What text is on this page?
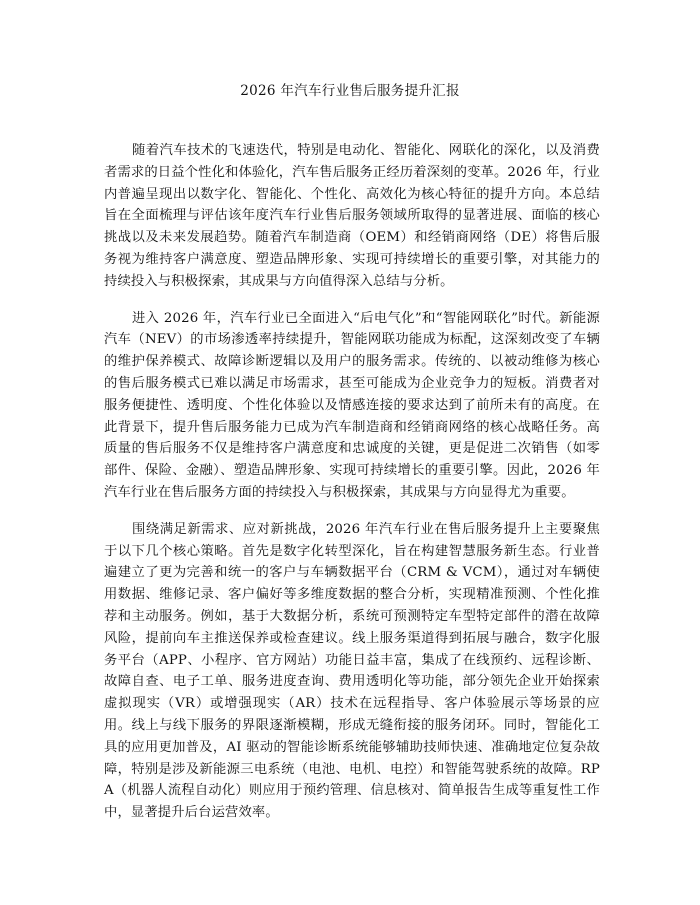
2026 年汽车行业售后服务提升汇报

随着汽车技术的飞速迭代，特别是电动化、智能化、网联化的深化，以及消费者需求的日益个性化和体验化，汽车售后服务正经历着深刻的变革。2026 年，行业内普遍呈现出以数字化、智能化、个性化、高效化为核心特征的提升方向。本总结旨在全面梳理与评估该年度汽车行业售后服务领域所取得的显著进展、面临的核心挑战以及未来发展趋势。随着汽车制造商（OEM）和经销商网络（DE）将售后服务视为维持客户满意度、塑造品牌形象、实现可持续增长的重要引擎，对其能力的持续投入与积极探索，其成果与方向值得深入总结与分析。

进入 2026 年，汽车行业已全面进入“后电气化”和“智能网联化”时代。新能源汽车（NEV）的市场渗透率持续提升，智能网联功能成为标配，这深刻改变了车辆的维护保养模式、故障诊断逻辑以及用户的服务需求。传统的、以被动维修为核心的售后服务模式已难以满足市场需求，甚至可能成为企业竞争力的短板。消费者对服务便捷性、透明度、个性化体验以及情感连接的要求达到了前所未有的高度。在此背景下，提升售后服务能力已成为汽车制造商和经销商网络的核心战略任务。高质量的售后服务不仅是维持客户满意度和忠诚度的关键，更是促进二次销售（如零部件、保险、金融）、塑造品牌形象、实现可持续增长的重要引擎。因此，2026 年汽车行业在售后服务方面的持续投入与积极探索，其成果与方向显得尤为重要。

围绕满足新需求、应对新挑战，2026 年汽车行业在售后服务提升上主要聚焦于以下几个核心策略。首先是数字化转型深化，旨在构建智慧服务新生态。行业普遍建立了更为完善和统一的客户与车辆数据平台（CRM & VCM），通过对车辆使用数据、维修记录、客户偏好等多维度数据的整合分析，实现精准预测、个性化推荐和主动服务。例如，基于大数据分析，系统可预测特定车型特定部件的潜在故障风险，提前向车主推送保养或检查建议。线上服务渠道得到拓展与融合，数字化服务平台（APP、小程序、官方网站）功能日益丰富，集成了在线预约、远程诊断、故障自查、电子工单、服务进度查询、费用透明化等功能，部分领先企业开始探索虚拟现实（VR）或增强现实（AR）技术在远程指导、客户体验展示等场景的应用。线上与线下服务的界限逐渐模糊，形成无缝衔接的服务闭环。同时，智能化工具的应用更加普及，AI 驱动的智能诊断系统能够辅助技师快速、准确地定位复杂故障，特别是涉及新能源三电系统（电池、电机、电控）和智能驾驶系统的故障。RPA（机器人流程自动化）则应用于预约管理、信息核对、简单报告生成等重复性工作中，显著提升后台运营效率。
